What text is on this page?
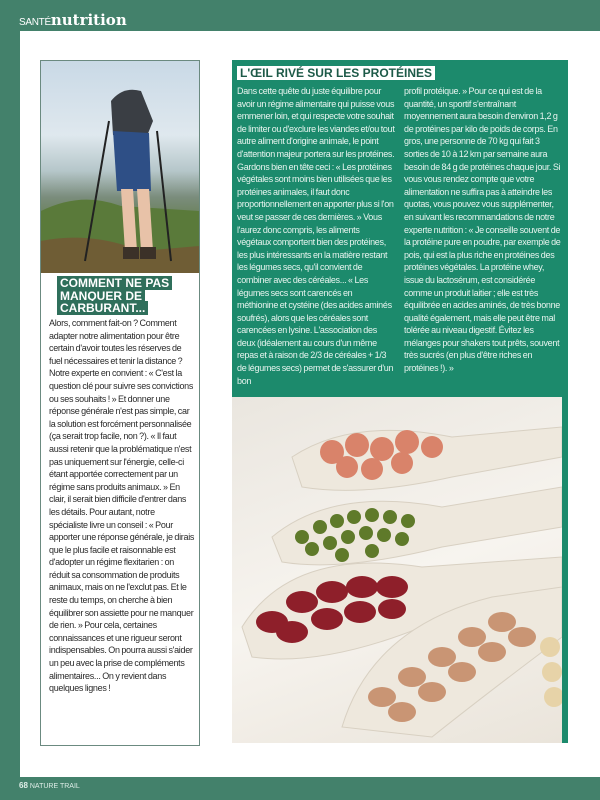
SANTÉnutrition
COMMENT NE PAS MANQUER DE CARBURANT...

Alors, comment fait-on ? Comment adapter notre alimentation pour être certain d'avoir toutes les réserves de fuel nécessaires et tenir la distance ? Notre experte en convient : « C'est la question clé pour suivre ses convictions ou ses souhaits ! » Et donner une réponse générale n'est pas simple, car la solution est forcément personnalisée (ça serait trop facile, non ?). « Il faut aussi retenir que la problématique n'est pas uniquement sur l'énergie, celle-ci étant apportée correctement par un régime sans produits animaux. » En clair, il serait bien difficile d'entrer dans les détails. Pour autant, notre spécialiste livre un conseil : « Pour apporter une réponse générale, je dirais que le plus facile et raisonnable est d'adopter un régime flexitarien : on réduit sa consommation de produits animaux, mais on ne l'exclut pas. Et le reste du temps, on cherche à bien équilibrer son assiette pour ne manquer de rien. » Pour cela, certaines connaissances et une rigueur seront indispensables. On pourra aussi s'aider un peu avec la prise de compléments alimentaires... On y revient dans quelques lignes !

L'ŒIL RIVÉ SUR LES PROTÉINES

Dans cette quête du juste équilibre pour avoir un régime alimentaire qui puisse vous emmener loin, et qui respecte votre souhait de limiter ou d'exclure les viandes et/ou tout autre aliment d'origine animale, le point d'attention majeur portera sur les protéines. Gardons bien en tête ceci : « Les protéines végétales sont moins bien utilisées que les protéines animales, il faut donc proportionnellement en apporter plus si l'on veut se passer de ces dernières. » Vous l'aurez donc compris, les aliments végétaux comportent bien des protéines, les plus intéressants en la matière restant les légumes secs, qu'il convient de combiner avec des céréales... « Les légumes secs sont carencés en méthionine et cystéine (des acides aminés soufrés), alors que les céréales sont carencées en lysine. L'association des deux (idéalement au cours d'un même repas et à raison de 2/3 de céréales + 1/3 de légumes secs) permet de s'assurer d'un bon

profil protéique. » Pour ce qui est de la quantité, un sportif s'entraînant moyennement aura besoin d'environ 1,2 g de protéines par kilo de poids de corps. En gros, une personne de 70 kg qui fait 3 sorties de 10 à 12 km par semaine aura besoin de 84 g de protéines chaque jour. Si vous vous rendez compte que votre alimentation ne suffira pas à atteindre les quotas, vous pouvez vous supplémenter, en suivant les recommandations de notre experte nutrition : « Je conseille souvent de la protéine pure en poudre, par exemple de pois, qui est la plus riche en protéines des protéines végétales. La protéine whey, issue du lactosérum, est considérée comme un produit laitier ; elle est très équilibrée en acides aminés, de très bonne qualité également, mais elle peut être mal tolérée au niveau digestif. Évitez les mélanges pour shakers tout prêts, souvent très sucrés (en plus d'être riches en protéines !). »

68 NATURE TRAIL
